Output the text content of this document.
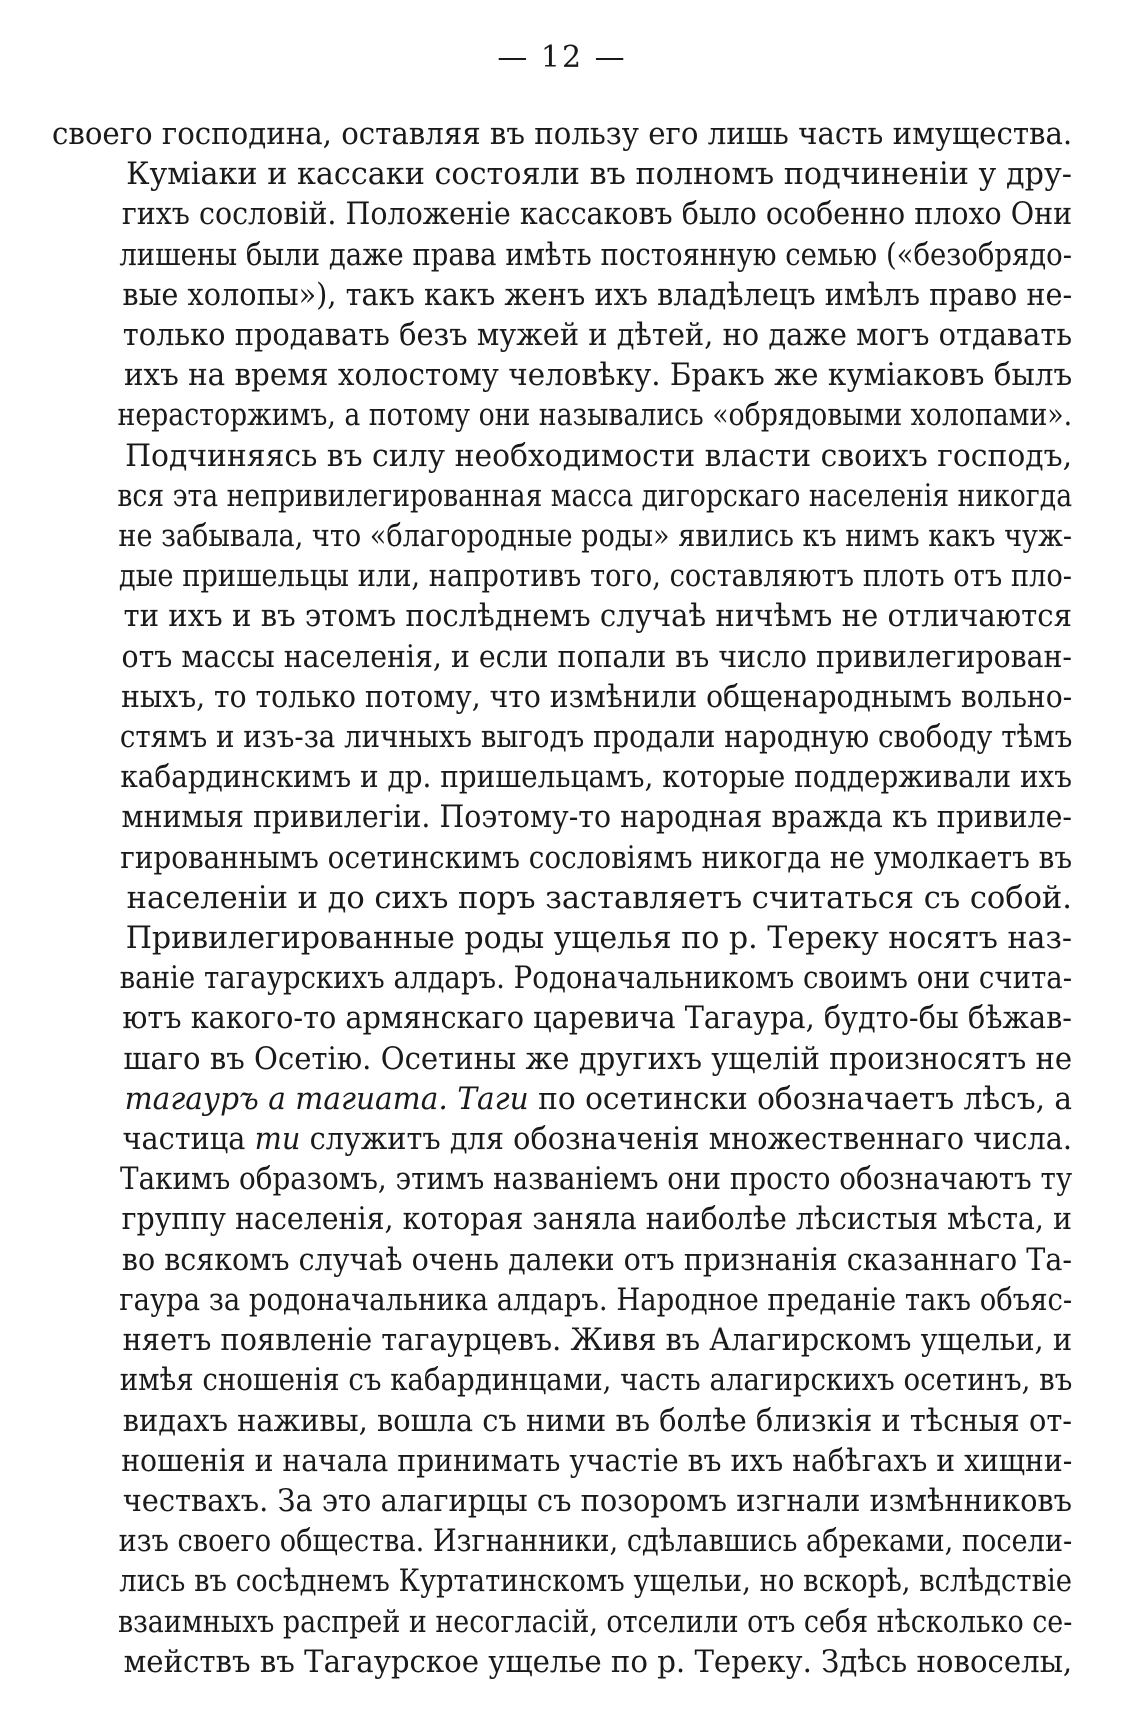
— 12 —

своего господина, оставляя въ пользу его лишь часть имущества.

Куміаки и кассаки состояли въ полномъ подчиненіи у дру-
гихъ сословій. Положеніе кассаковъ было особенно плохо Они
лишены были даже права имѣть постоянную семью («безобрядо-
вые холопы»), такъ какъ женъ ихъ владѣлецъ имѣлъ право не-
только продавать безъ мужей и дѣтей, но даже могъ отдавать
ихъ на время холостому человѣку. Бракъ же куміаковъ былъ
нерасторжимъ, а потому они назывались «обрядовыми холопами».

Подчиняясь въ силу необходимости власти своихъ господъ,
вся эта непривилегированная масса дигорскаго населенія никогда
не забывала, что «благородные роды» явились къ нимъ какъ чуж-
дые пришельцы или, напротивъ того, составляютъ плоть отъ пло-
ти ихъ и въ этомъ послѣднемъ случаѣ ничѣмъ не отличаются
отъ массы населенія, и если попали въ число привилегирован-
ныхъ, то только потому, что измѣнили общенароднымъ вольно-
стямъ и изъ-за личныхъ выгодъ продали народную свободу тѣмъ
кабардинскимъ и др. пришельцамъ, которые поддерживали ихъ
мнимыя привилегіи. Поэтому-то народная вражда къ привиле-
гированнымъ осетинскимъ сословіямъ никогда не умолкаетъ въ
населеніи и до сихъ поръ заставляетъ считаться съ собой.

Привилегированные роды ущелья по р. Тереку носятъ наз-
ваніе тагаурскихъ алдаръ. Родоначальникомъ своимъ они счита-
ютъ какого-то армянскаго царевича Тагаура, будто-бы бѣжав-
шаго въ Осетію. Осетины же другихъ ущелій произносятъ не
тагауръ а тагиата. Таги по осетински обозначаетъ лѣсъ, а
частица ти служитъ для обозначенія множественнаго числа.
Такимъ образомъ, этимъ названіемъ они просто обозначаютъ ту
группу населенія, которая заняла наиболѣе лѣсистыя мѣста, и
во всякомъ случаѣ очень далеки отъ признанія сказаннаго Та-
гаура за родоначальника алдаръ. Народное преданіе такъ объяс-
няетъ появленіе тагаурцевъ. Живя въ Алагирскомъ ущельи, и
имѣя сношенія съ кабардинцами, часть алагирскихъ осетинъ, въ
видахъ наживы, вошла съ ними въ болѣе близкія и тѣсныя от-
ношенія и начала принимать участіе въ ихъ набѣгахъ и хищни-
чествахъ. За это алагирцы съ позоромъ изгнали измѣнниковъ
изъ своего общества. Изгнанники, сдѣлавшись абреками, посели-
лись въ сосѣднемъ Куртатинскомъ ущельи, но вскорѣ, вслѣдствіе
взаимныхъ распрей и несогласій, отселили отъ себя нѣсколько се-
мействъ въ Тагаурское ущелье по р. Тереку. Здѣсь новоселы,
